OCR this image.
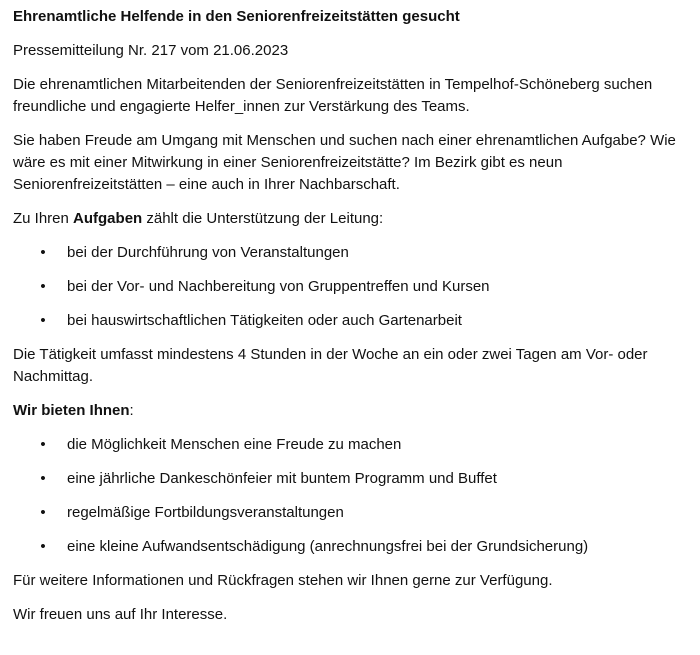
Ehrenamtliche Helfende in den Seniorenfreizeitstätten gesucht

Pressemitteilung Nr. 217 vom 21.06.2023

Die ehrenamtlichen Mitarbeitenden der Seniorenfreizeitstätten in Tempelhof-Schöneberg suchen freundliche und engagierte Helfer_innen zur Verstärkung des Teams.

Sie haben Freude am Umgang mit Menschen und suchen nach einer ehrenamtlichen Aufgabe? Wie wäre es mit einer Mitwirkung in einer Seniorenfreizeitstätte? Im Bezirk gibt es neun Seniorenfreizeitstätten – eine auch in Ihrer Nachbarschaft.

Zu Ihren Aufgaben zählt die Unterstützung der Leitung:

• bei der Durchführung von Veranstaltungen
• bei der Vor- und Nachbereitung von Gruppentreffen und Kursen
• bei hauswirtschaftlichen Tätigkeiten oder auch Gartenarbeit

Die Tätigkeit umfasst mindestens 4 Stunden in der Woche an ein oder zwei Tagen am Vor- oder Nachmittag.

Wir bieten Ihnen:

• die Möglichkeit Menschen eine Freude zu machen
• eine jährliche Dankeschönfeier mit buntem Programm und Buffet
• regelmäßige Fortbildungsveranstaltungen
• eine kleine Aufwandsentschädigung (anrechnungsfrei bei der Grundsicherung)

Für weitere Informationen und Rückfragen stehen wir Ihnen gerne zur Verfügung.

Wir freuen uns auf Ihr Interesse.
